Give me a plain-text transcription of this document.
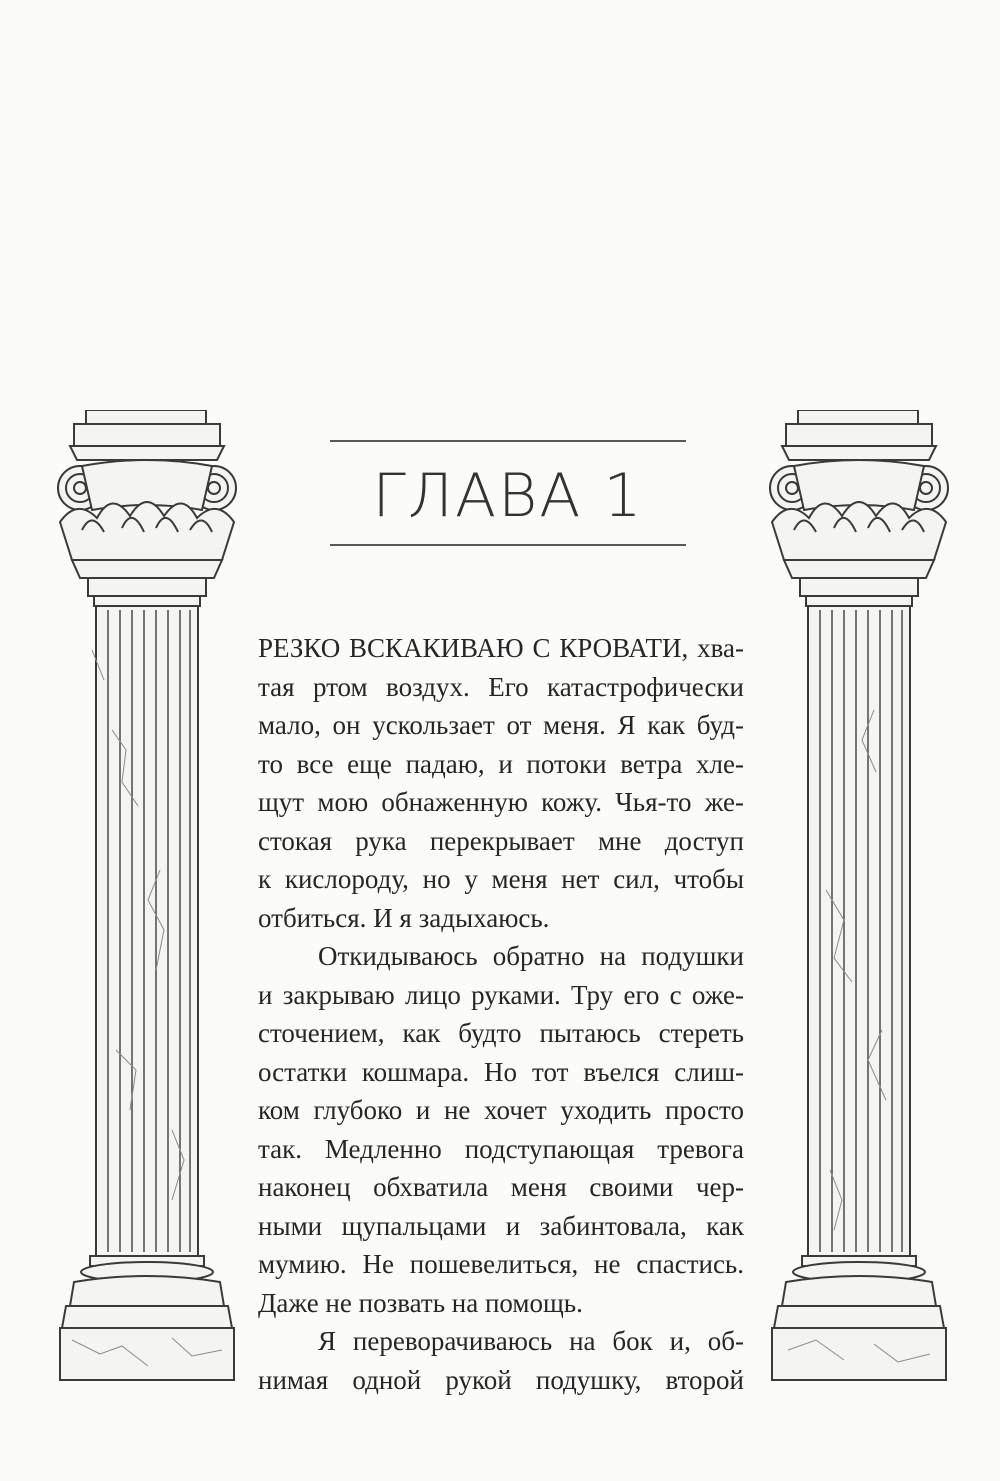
ГЛАВА 1
РЕЗКО ВСКАКИВАЮ С КРОВАТИ, хва-
тая ртом воздух. Его катастрофически
мало, он ускользает от меня. Я как буд-
то все еще падаю, и потоки ветра хле-
щут мою обнаженную кожу. Чья-то же-
стокая рука перекрывает мне доступ
к кислороду, но у меня нет сил, чтобы
отбиться. И я задыхаюсь.
Откидываюсь обратно на подушки
и закрываю лицо руками. Тру его с оже-
сточением, как будто пытаюсь стереть
остатки кошмара. Но тот въелся слиш-
ком глубоко и не хочет уходить просто
так. Медленно подступающая тревога
наконец обхватила меня своими чер-
ными щупальцами и забинтовала, как
мумию. Не пошевелиться, не спастись.
Даже не позвать на помощь.
Я переворачиваюсь на бок и, об-
нимая одной рукой подушку, второй
